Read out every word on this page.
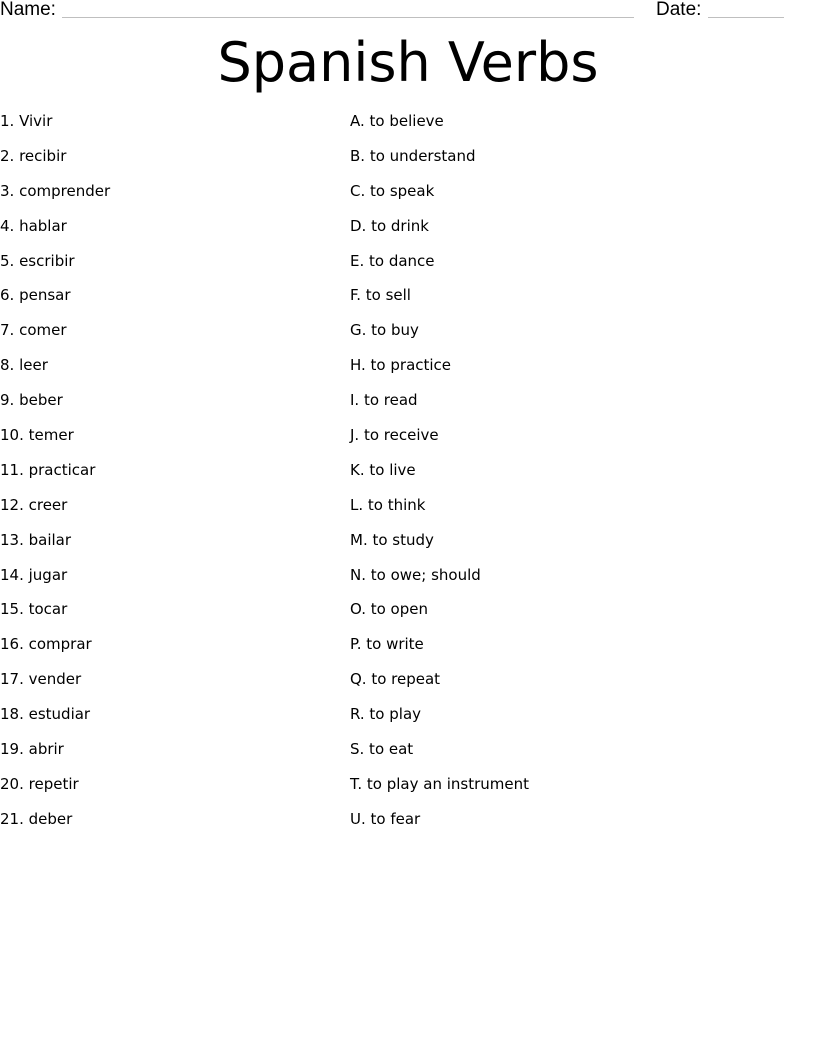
Name:	Date:
Spanish Verbs
1. Vivir
2. recibir
3. comprender
4. hablar
5. escribir
6. pensar
7. comer
8. leer
9. beber
10. temer
11. practicar
12. creer
13. bailar
14. jugar
15. tocar
16. comprar
17. vender
18. estudiar
19. abrir
20. repetir
21. deber
A. to believe
B. to understand
C. to speak
D. to drink
E. to dance
F. to sell
G. to buy
H. to practice
I. to read
J. to receive
K. to live
L. to think
M. to study
N. to owe; should
O. to open
P. to write
Q. to repeat
R. to play
S. to eat
T. to play an instrument
U. to fear
